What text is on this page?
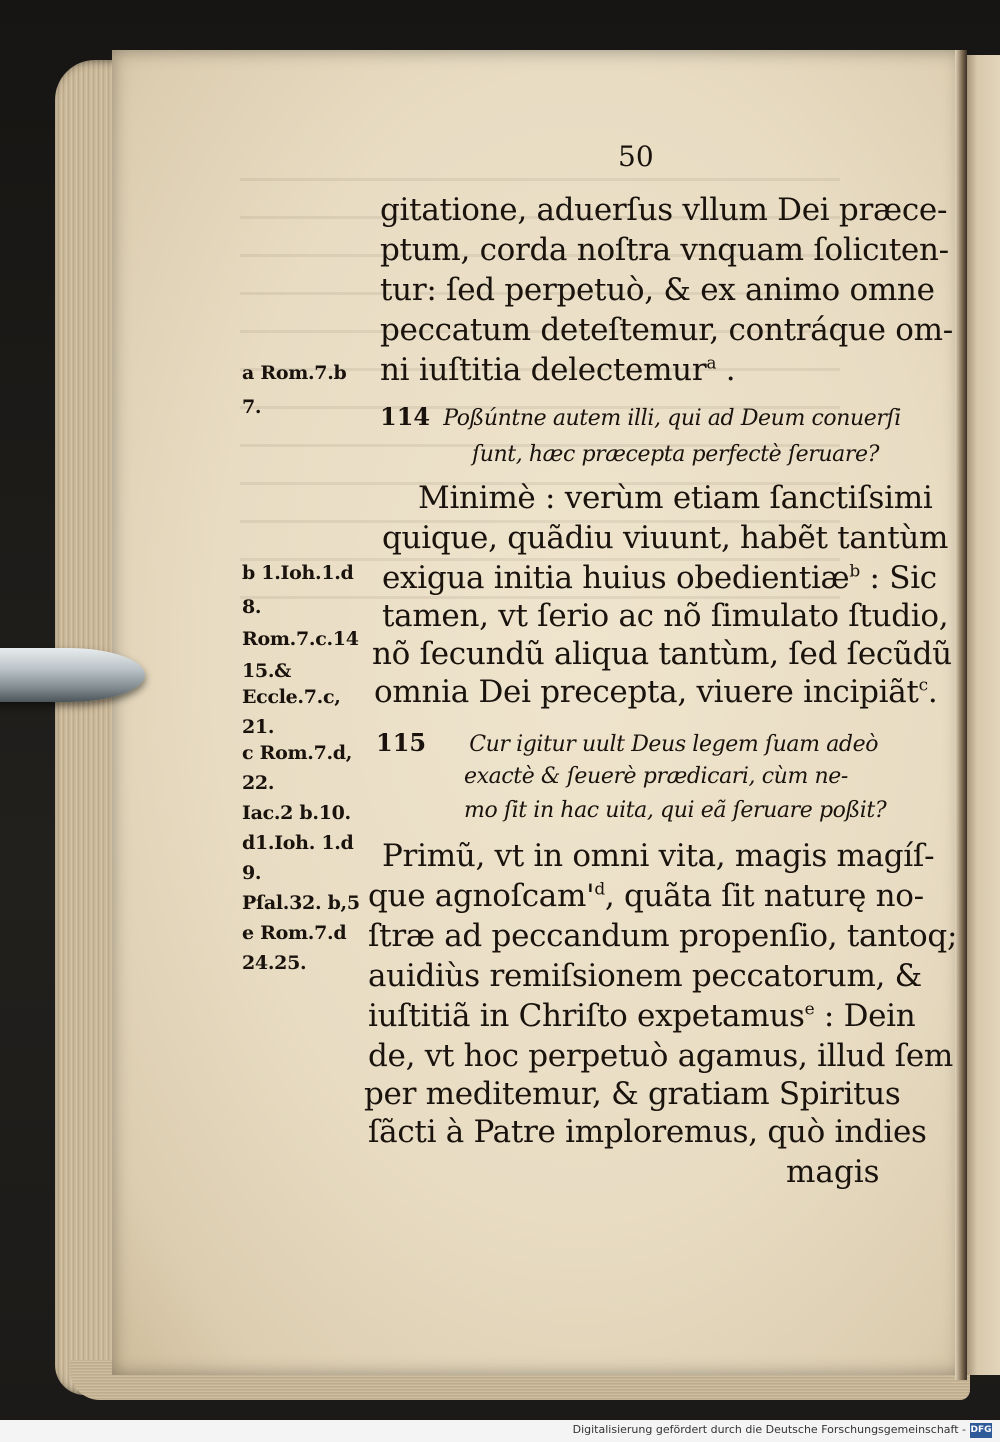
50
gitatione, aduerſus vllum Dei præce-
ptum, corda noſtra vnquam ſolicıten-
tur: ſed perpetuò, & ex animo omne
peccatum deteſtemur, contráque om-
ni iuſtitia delectemur$^a$ .
Minimè : verùm etiam ſanctiſsimi
quique, quãdiu viuunt, habẽt tantùm
exigua initia huius obedientiæ$^b$ : Sic
tamen, vt ſerio ac nõ ſimulato ſtudio,
nõ ſecundũ aliqua tantùm, ſed ſecũdũ
omnia Dei precepta, viuere incipiãt$^c$.
Primũ, vt in omni vita, magis magíſ-
que $agnoſcam'^d$, quãta ſit naturę no-
ſtræ ad peccandum propenſio, tantoq;
auidiùs remiſsionem peccatorum, &
iuſtitiã in Chriſto expetamus$^e$ : Dein
de, vt hoc perpetuò agamus, illud ſem
per meditemur, & gratiam Spiritus
ſãcti à Patre imploremus, quò indies
a Rom.7.b
7.
b 1.Ioh.1.d
8.
Rom.7.c.14
15.&
Eccle.7.c,
21.
c Rom.7.d,
22.
Iac.2 b.10.
d1.Ioh. 1.d
9.
Pſal.32. b,5
e Rom.7.d
24.25.
114 Poßúntne autem illi, qui ad Deum conuerſi
ſunt, hæc præcepta perfectè ſeruare?
115 Cur igitur uult Deus legem ſuam adeò
exactè & ſeuerè prædicari, cùm ne-
mo ſit in hac uita, qui eã ſeruare poßit?
magis
Digitalisierung gefördert durch die Deutsche Forschungsgemeinschaft - DFG
